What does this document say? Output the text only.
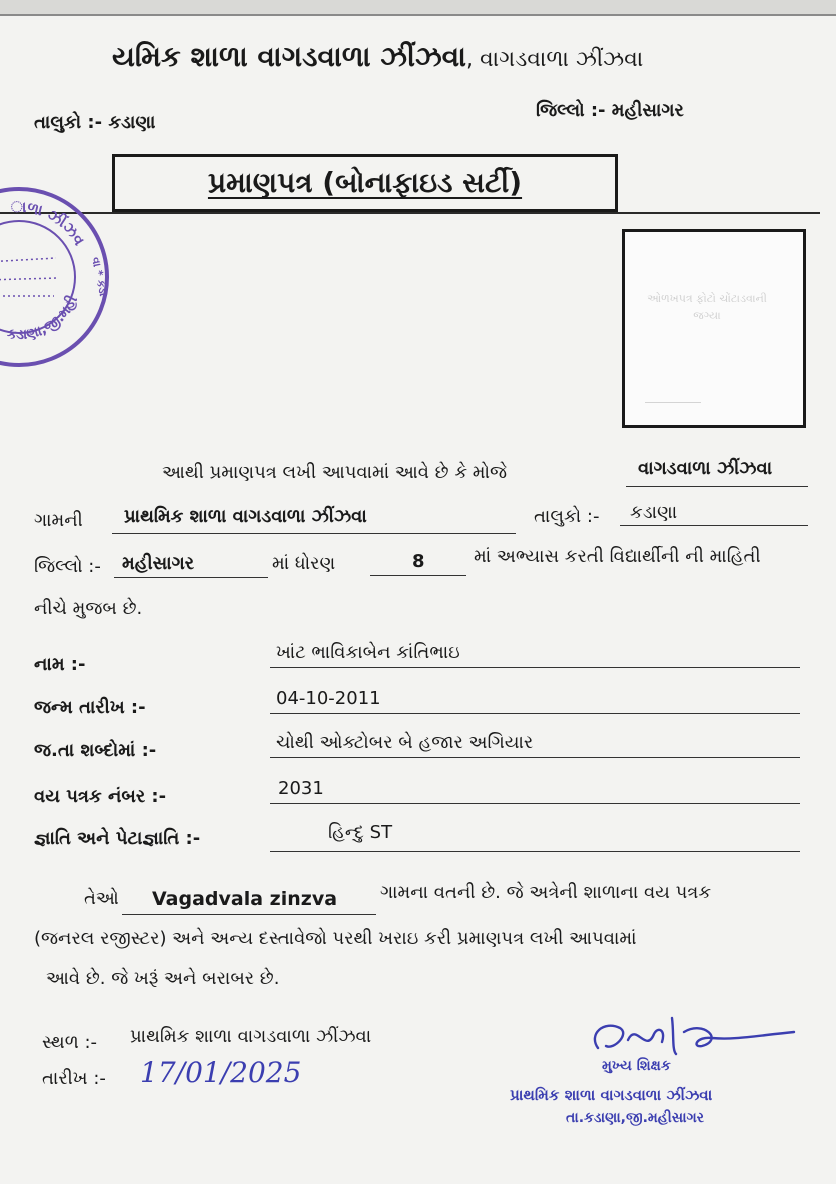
યમિક શાળા વાગડવાળા ઝીંઝવા, વાગડવાળા ઝીંઝવા
તાલુકો :- કડાણા
જિલ્લો :- મહીસાગર
પ્રમાણપત્ર (બોનાફાઇડ સર્ટી)
ાળા ઝીંઝવ
વા * કડા
કડાણા,જી.મહી	ઓળખપત્ર ફોટો ચોંટાડવાની જગ્યા
આથી પ્રમાણપત્ર લખી આપવામાં આવે છે કે મોજે	વાગડવાળા ઝીંઝવા
ગામની પ્રાથમિક શાળા વાગડવાળા ઝીંઝવા	તાલુકો :- કડાણા
જિલ્લો :- મહીસાગર	માં ધોરણ	8	માં અભ્યાસ કરતી વિદ્યાર્થીની ની માહિતી
નીચે મુજબ છે.
નામ :-
ખાંટ ભાવિકાબેન કાંતિભાઇ
જન્મ તારીખ :-	04-10-2011
જ.તા શબ્દોમાં :-	ચોથી ઓક્ટોબર બે હજાર અગિયાર
વય પત્રક નંબર :-	2031
જ્ઞાતિ અને પેટાજ્ઞાતિ :-	હિન્દુ ST
તેઓ Vagadvala zinzva ગામના વતની છે. જે અત્રેની શાળાના વય પત્રક
(જનરલ રજીસ્ટર) અને અન્ય દસ્તાવેજો પરથી ખરાઇ કરી પ્રમાણપત્ર લખી આપવામાં
આવે છે. જે ખરૂં અને બરાબર છે.
સ્થળ :- પ્રાથમિક શાળા વાગડવાળા ઝીંઝવા
તારીખ :- 17/01/2025	મુખ્ય શિક્ષક
પ્રાથમિક શાળા વાગડવાળા ઝીંઝવા
તા.કડાણા,જી.મહીસાગર
